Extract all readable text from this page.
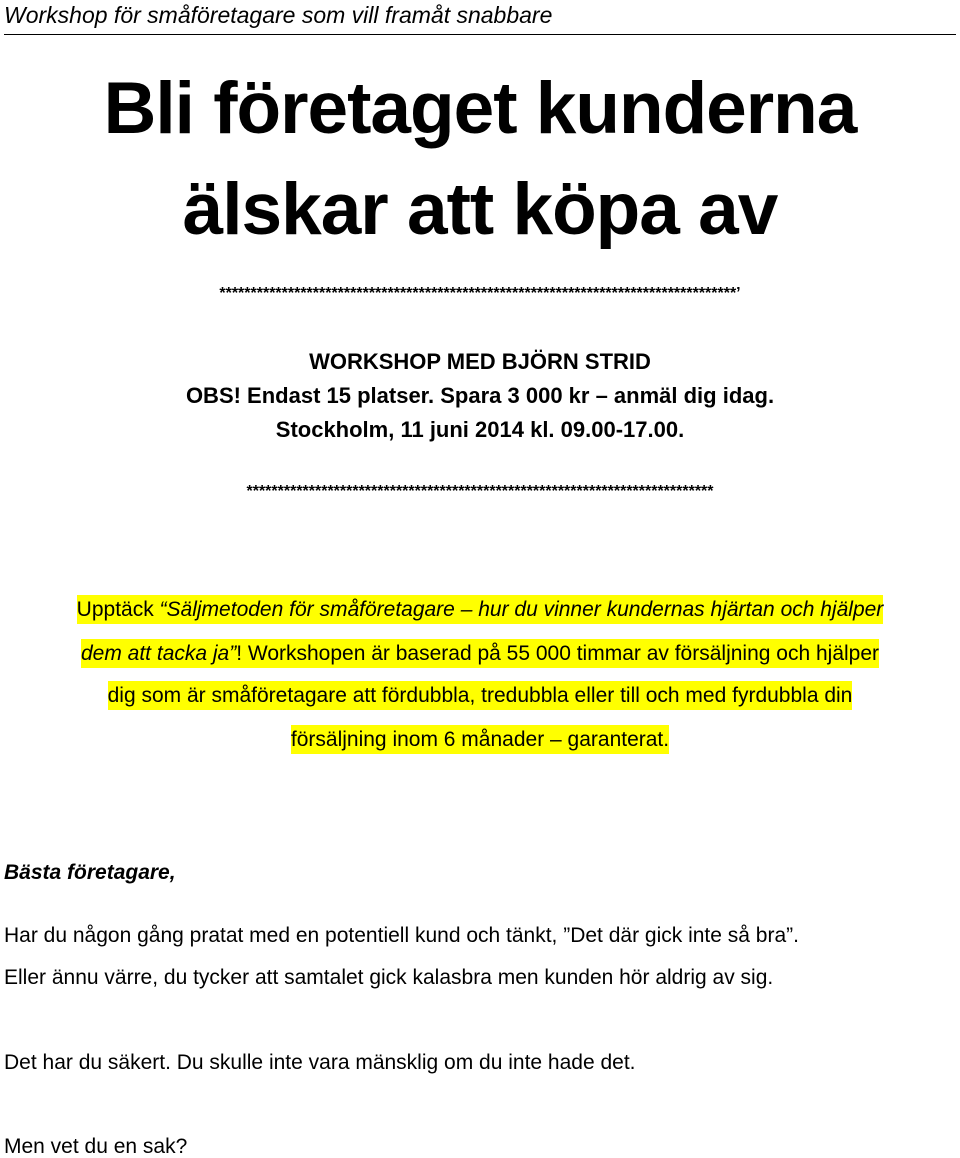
Workshop för småföretagare som vill framåt snabbare
Bli företaget kunderna
älskar att köpa av
***********************************************************************************’
WORKSHOP MED BJÖRN STRID
OBS! Endast 15 platser. Spara 3 000 kr – anmäl dig idag.
Stockholm, 11 juni 2014 kl. 09.00-17.00.
***************************************************************************
Upptäck “Säljmetoden för småföretagare – hur du vinner kundernas hjärtan och hjälper
dem att tacka ja”! Workshopen är baserad på 55 000 timmar av försäljning och hjälper
dig som är småföretagare att fördubbla, tredubbla eller till och med fyrdubbla din
försäljning inom 6 månader – garanterat.
Bästa företagare,
Har du någon gång pratat med en potentiell kund och tänkt, ”Det där gick inte så bra”.
Eller ännu värre, du tycker att samtalet gick kalasbra men kunden hör aldrig av sig.
Det har du säkert. Du skulle inte vara mänsklig om du inte hade det.
Men vet du en sak?
